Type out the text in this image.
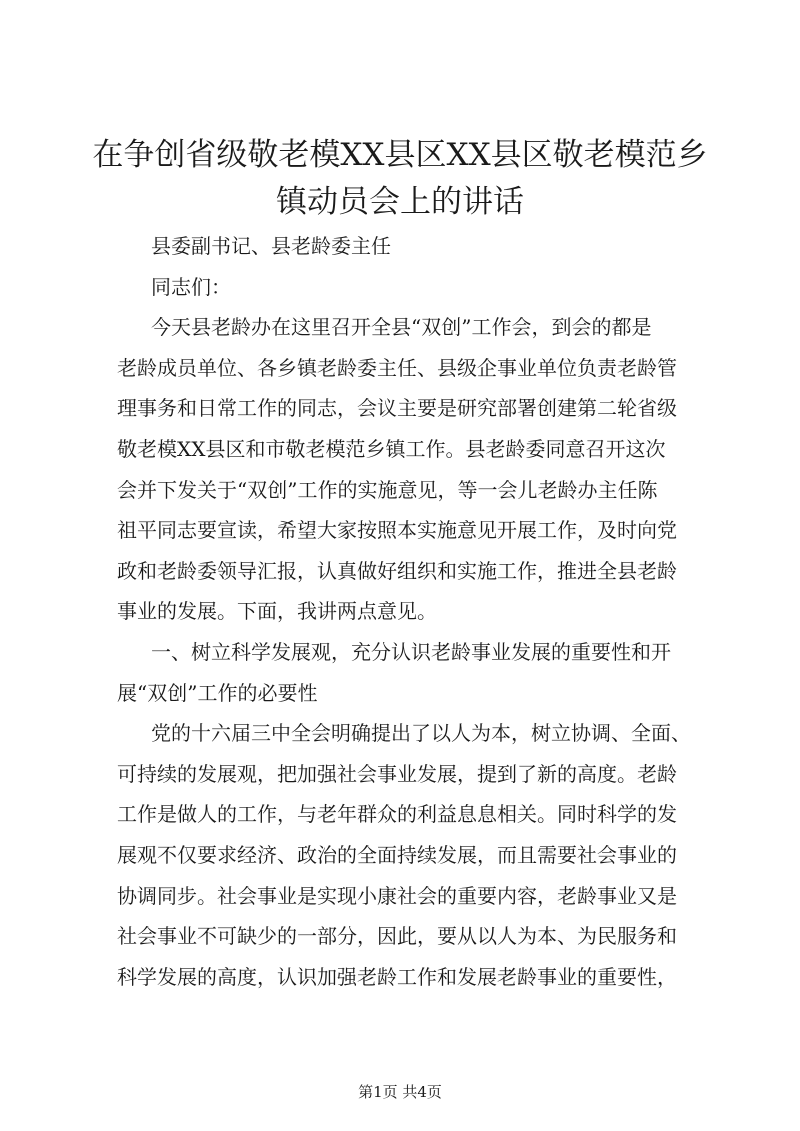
在争创省级敬老模XX县区XX县区敬老模范乡
镇动员会上的讲话
县委副书记、县老龄委主任
同志们：
今天县老龄办在这里召开全县“双创”工作会，到会的都是
老龄成员单位、各乡镇老龄委主任、县级企事业单位负责老龄管
理事务和日常工作的同志，会议主要是研究部署创建第二轮省级
敬老模XX县区和市敬老模范乡镇工作。县老龄委同意召开这次
会并下发关于“双创”工作的实施意见，等一会儿老龄办主任陈
祖平同志要宣读，希望大家按照本实施意见开展工作，及时向党
政和老龄委领导汇报，认真做好组织和实施工作，推进全县老龄
事业的发展。下面，我讲两点意见。
一、树立科学发展观，充分认识老龄事业发展的重要性和开
展“双创”工作的必要性
党的十六届三中全会明确提出了以人为本，树立协调、全面、
可持续的发展观，把加强社会事业发展，提到了新的高度。老龄
工作是做人的工作，与老年群众的利益息息相关。同时科学的发
展观不仅要求经济、政治的全面持续发展，而且需要社会事业的
协调同步。社会事业是实现小康社会的重要内容，老龄事业又是
社会事业不可缺少的一部分，因此，要从以人为本、为民服务和
科学发展的高度，认识加强老龄工作和发展老龄事业的重要性，
第1页 共4页
